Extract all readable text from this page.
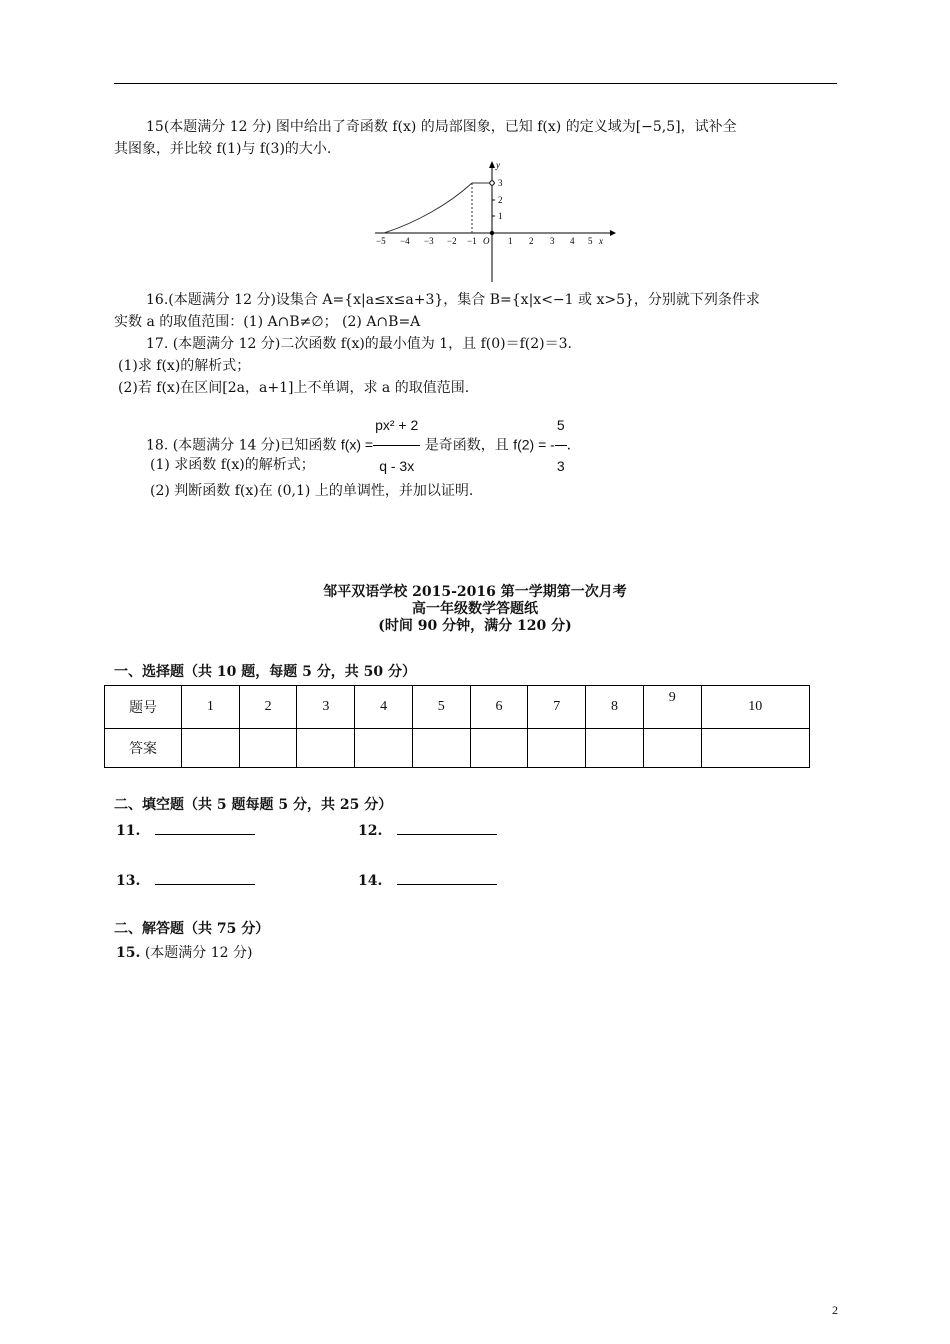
15(本题满分 12 分) 图中给出了奇函数 f(x) 的局部图象，已知 f(x) 的定义域为[−5,5]，试补全
其图象，并比较 f(1)与 f(3)的大小.
y
x
O
3
2
1
−5 −4 −3 −2 −1	1 2 3 4 5
16.(本题满分 12 分)设集合 A={x|a≤x≤a+3}，集合 B={x|x<−1 或 x>5}，分别就下列条件求
实数 a 的取值范围：(1) A∩B≠∅； (2) A∩B=A
17. (本题满分 12 分)二次函数 f(x)的最小值为 1，且 f(0)＝f(2)＝3.
(1)求 f(x)的解析式；
(2)若 f(x)在区间[2a，a+1]上不单调，求 a 的取值范围.
18. (本题满分 14 分)已知函数 $f(x) = \frac{\text{px² + 2}}{q - 3x}$ 是奇函数，且 f(2) = - $\frac{5}{3}$ .
(1) 求函数 f(x)的解析式；
(2) 判断函数 f(x)在 (0,1) 上的单调性，并加以证明.
邹平双语学校 2015-2016 第一学期第一次月考
高一年级数学答题纸
(时间 90 分钟，满分 120 分)
一、选择题（共 10 题，每题 5 分，共 50 分）
题号	1	2	3	4	5	6	7	8	9	10
答案										
二、填空题（共 5 题每题 5 分，共 25 分）
11.	12.
13.	14.
二、解答题（共 75 分）
15. (本题满分 12 分)
2
